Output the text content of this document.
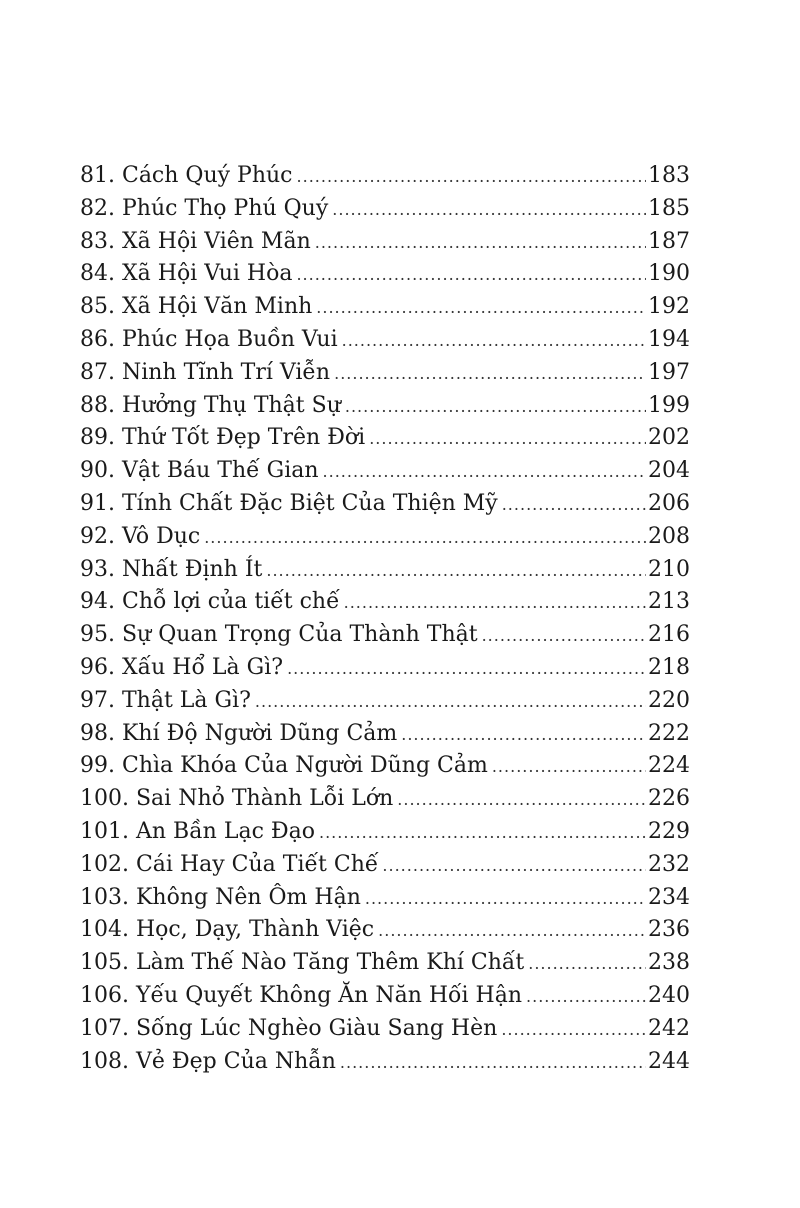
81. Cách Quý Phúc .....	183
82. Phúc Thọ Phú Quý .....	185
83. Xã Hội Viên Mãn .....	187
84. Xã Hội Vui Hòa .....	190
85. Xã Hội Văn Minh .....	192
86. Phúc Họa Buồn Vui .....	194
87. Ninh Tĩnh Trí Viễn .....	197
88. Hưởng Thụ Thật Sự .....	199
89. Thứ Tốt Đẹp Trên Đời .....	202
90. Vật Báu Thế Gian .....	204
91. Tính Chất Đặc Biệt Của Thiện Mỹ .....	206
92. Vô Dục .....	208
93. Nhất Định Ít .....	210
94. Chỗ lợi của tiết chế .....	213
95. Sự Quan Trọng Của Thành Thật .....	216
96. Xấu Hổ Là Gì? .....	218
97. Thật Là Gì? .....	220
98. Khí Độ Người Dũng Cảm .....	222
99. Chìa Khóa Của Người Dũng Cảm .....	224
100. Sai Nhỏ Thành Lỗi Lớn .....	226
101. An Bần Lạc Đạo .....	229
102. Cái Hay Của Tiết Chế .....	232
103. Không Nên Ôm Hận .....	234
104. Học, Dạy, Thành Việc .....	236
105. Làm Thế Nào Tăng Thêm Khí Chất .....	238
106. Yếu Quyết Không Ăn Năn Hối Hận .....	240
107. Sống Lúc Nghèo Giàu Sang Hèn .....	242
108. Vẻ Đẹp Của Nhẫn .....	244
